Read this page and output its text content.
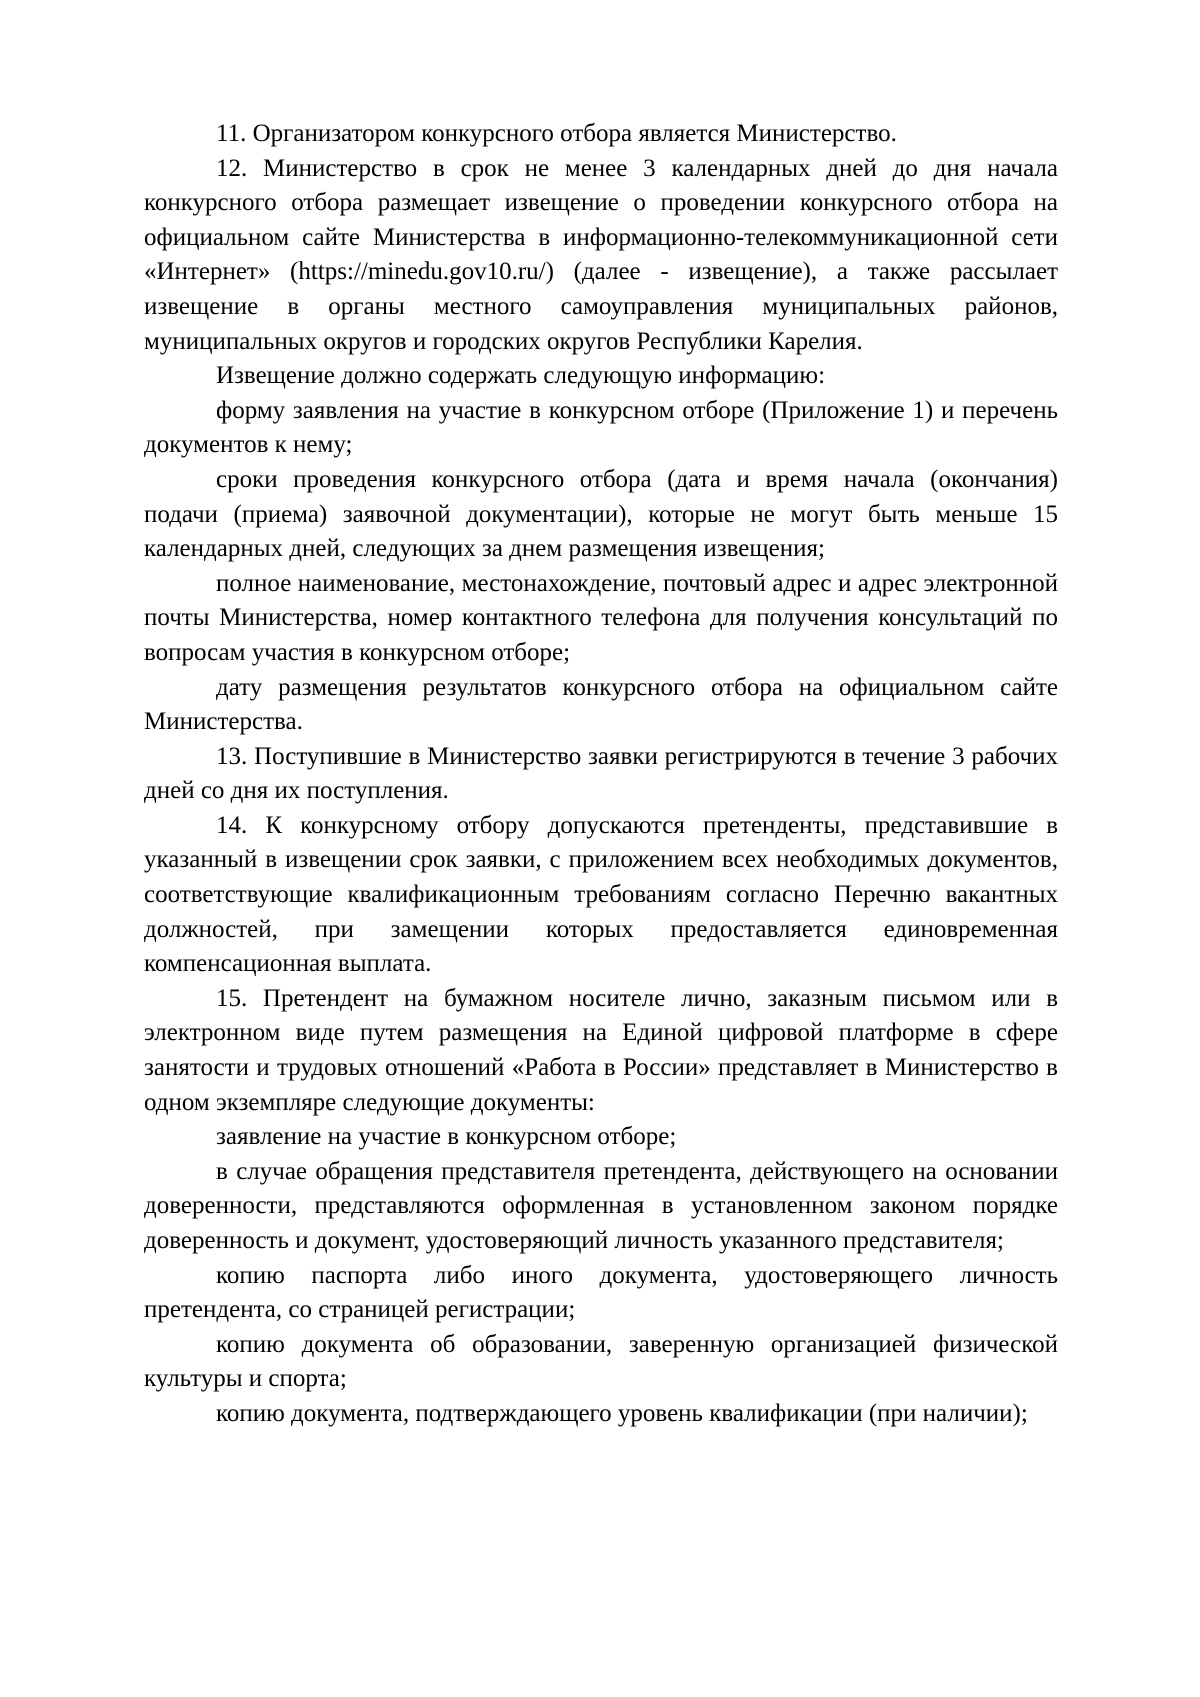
11. Организатором конкурсного отбора является Министерство.

12. Министерство в срок не менее 3 календарных дней до дня начала конкурсного отбора размещает извещение о проведении конкурсного отбора на официальном сайте Министерства в информационно-телекоммуникационной сети «Интернет» (https://minedu.gov10.ru/) (далее - извещение), а также рассылает извещение в органы местного самоуправления муниципальных районов, муниципальных округов и городских округов Республики Карелия.

Извещение должно содержать следующую информацию:

форму заявления на участие в конкурсном отборе (Приложение 1) и перечень документов к нему;

сроки проведения конкурсного отбора (дата и время начала (окончания) подачи (приема) заявочной документации), которые не могут быть меньше 15 календарных дней, следующих за днем размещения извещения;

полное наименование, местонахождение, почтовый адрес и адрес электронной почты Министерства, номер контактного телефона для получения консультаций по вопросам участия в конкурсном отборе;

дату размещения результатов конкурсного отбора на официальном сайте Министерства.

13. Поступившие в Министерство заявки регистрируются в течение 3 рабочих дней со дня их поступления.

14. К конкурсному отбору допускаются претенденты, представившие в указанный в извещении срок заявки, с приложением всех необходимых документов, соответствующие квалификационным требованиям согласно Перечню вакантных должностей, при замещении которых предоставляется единовременная компенсационная выплата.

15. Претендент на бумажном носителе лично, заказным письмом или в электронном виде путем размещения на Единой цифровой платформе в сфере занятости и трудовых отношений «Работа в России» представляет в Министерство в одном экземпляре следующие документы:

заявление на участие в конкурсном отборе;

в случае обращения представителя претендента, действующего на основании доверенности, представляются оформленная в установленном законом порядке доверенность и документ, удостоверяющий личность указанного представителя;

копию паспорта либо иного документа, удостоверяющего личность претендента, со страницей регистрации;

копию документа об образовании, заверенную организацией физической культуры и спорта;

копию документа, подтверждающего уровень квалификации (при наличии);
